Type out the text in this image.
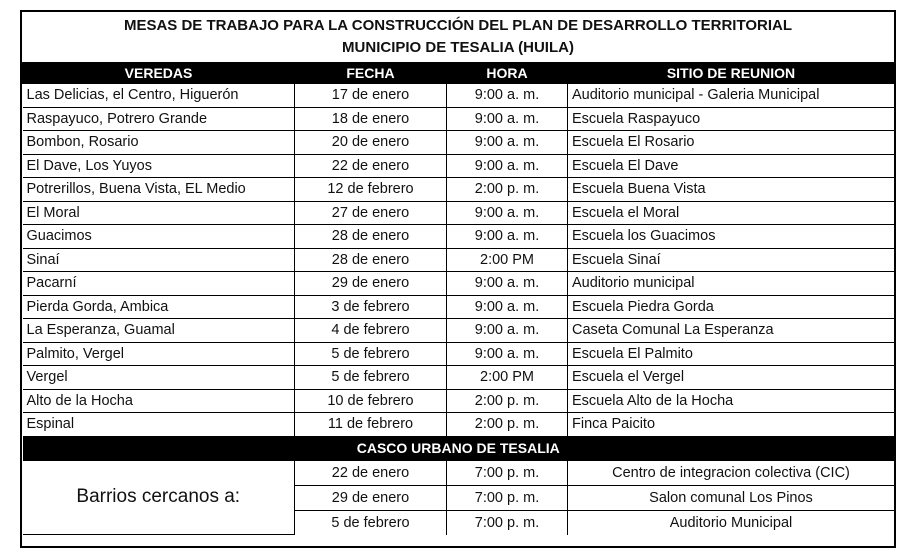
MESAS DE TRABAJO PARA LA CONSTRUCCIÓN DEL PLAN DE DESARROLLO TERRITORIAL
MUNICIPIO DE TESALIA (HUILA)
VEREDAS	FECHA	HORA	SITIO DE REUNION
Las Delicias, el Centro, Higuerón	17 de enero	9:00 a. m.	Auditorio municipal - Galeria Municipal
Raspayuco, Potrero Grande	18 de enero	9:00 a. m.	Escuela Raspayuco
Bombon, Rosario	20 de enero	9:00 a. m.	Escuela El Rosario
El Dave, Los Yuyos	22 de enero	9:00 a. m.	Escuela El Dave
Potrerillos, Buena Vista, EL Medio	12 de febrero	2:00 p. m.	Escuela Buena Vista
El Moral	27 de enero	9:00 a. m.	Escuela el Moral
Guacimos	28 de enero	9:00 a. m.	Escuela los Guacimos
Sinaí	28 de enero	2:00 PM	Escuela Sinaí
Pacarní	29 de enero	9:00 a. m.	Auditorio municipal
Pierda Gorda, Ambica	3 de febrero	9:00 a. m.	Escuela Piedra Gorda
La Esperanza, Guamal	4 de febrero	9:00 a. m.	Caseta Comunal La Esperanza
Palmito, Vergel	5 de febrero	9:00 a. m.	Escuela El Palmito
Vergel	5 de febrero	2:00 PM	Escuela el Vergel
Alto de la Hocha	10 de febrero	2:00 p. m.	Escuela Alto de la Hocha
Espinal	11 de febrero	2:00 p. m.	Finca Paicito
CASCO URBANO DE TESALIA			
Barrios cercanos a:	22 de enero	7:00 p. m.	Centro de integracion colectiva (CIC)
	29 de enero	7:00 p. m.	Salon comunal Los Pinos
	5 de febrero	7:00 p. m.	Auditorio Municipal
